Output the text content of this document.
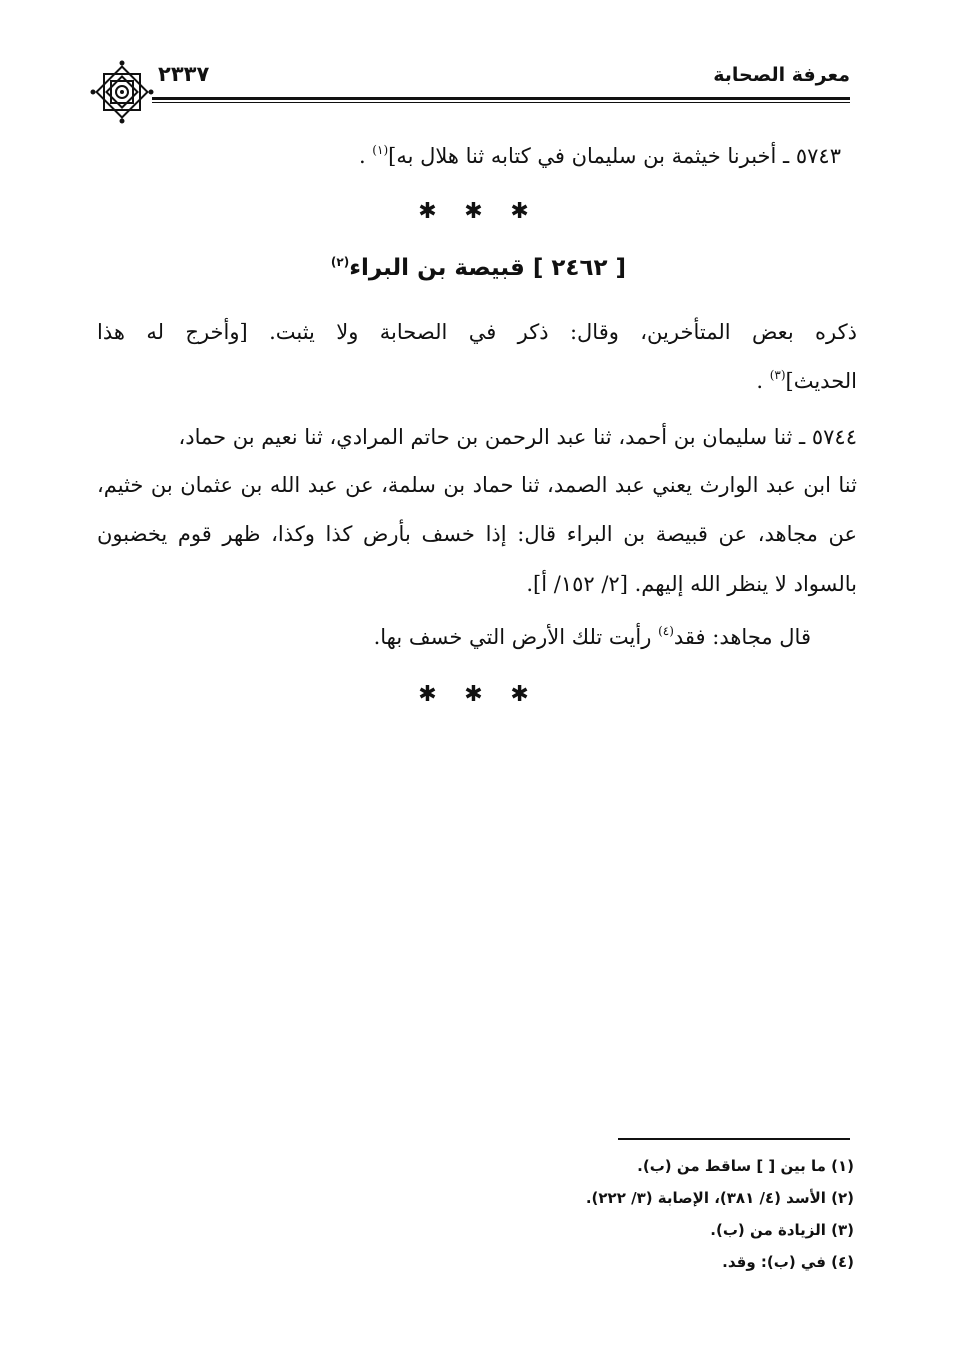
٢٣٣٧	معرفة الصحابة
٥٧٤٣ ـ أخبرنا خيثمة بن سليمان في كتابه ثنا هلال به]$^{(١)}$ .
✱ ✱ ✱
[ ٢٤٦٢ ] قبيصة بن البراء$^{(٢)}$
ذكره بعض المتأخرين، وقال: ذكر في الصحابة ولا يثبت. [وأخرج له هذا
الحديث]$^{(٣)}$ .
٥٧٤٤ ـ ثنا سليمان بن أحمد، ثنا عبد الرحمن بن حاتم المرادي، ثنا نعيم بن حماد،
ثنا ابن عبد الوارث يعني عبد الصمد، ثنا حماد بن سلمة، عن عبد الله بن عثمان بن خثيم،
عن مجاهد، عن قبيصة بن البراء قال: إذا خسف بأرض كذا وكذا، ظهر قوم يخضبون
بالسواد لا ينظر الله إليهم. [٢/ ١٥٢/ أ].
قال مجاهد: فقد$^{(٤)}$ رأيت تلك الأرض التي خسف بها.
✱ ✱ ✱
(١) ما بين [ ] ساقط من (ب).
(٢) الأسد (٤/ ٣٨١)، الإصابة (٣/ ٢٢٢).
(٣) الزيادة من (ب).
(٤) في (ب): وقد.
